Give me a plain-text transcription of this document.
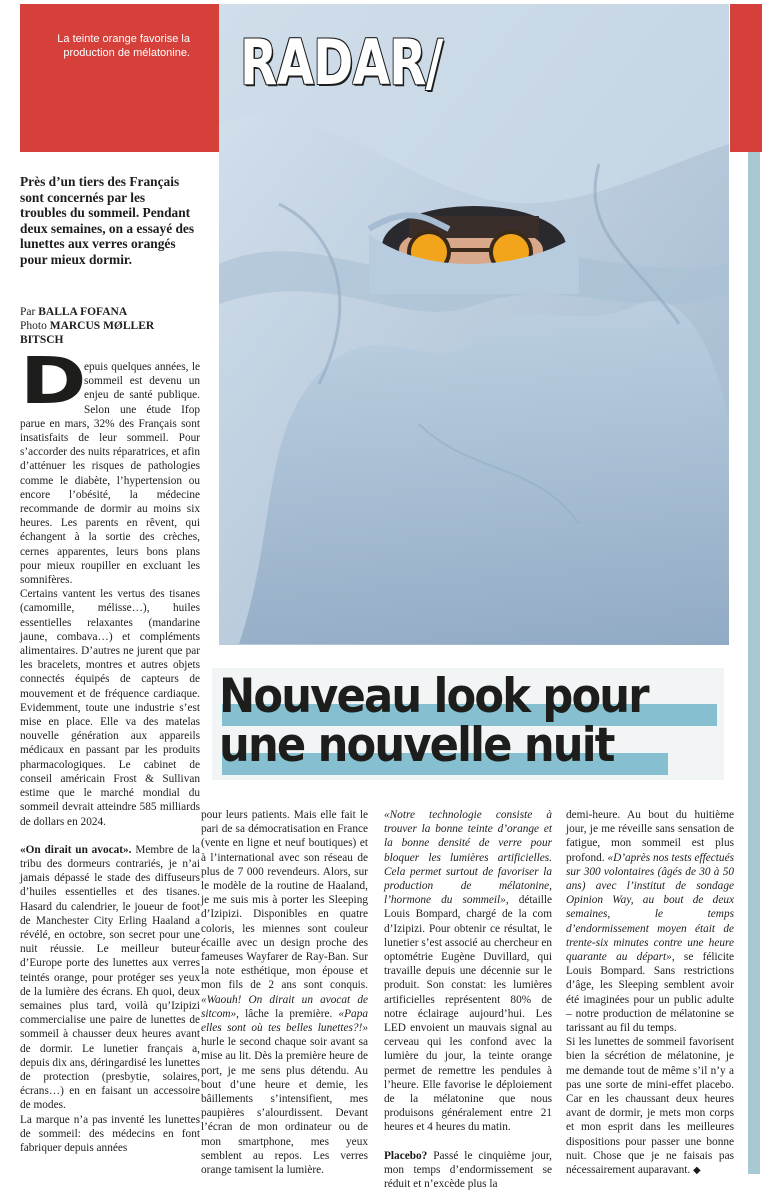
La teinte orange favorise la production de mélatonine. RADAR/
Près d’un tiers des Français sont concernés par les troubles du sommeil. Pendant deux semaines, on a essayé des lunettes aux verres orangés pour mieux dormir.
Par BALLA FOFANA
Photo MARCUS MØLLER BITSCH
Nouveau look pour
une nouvelle nuit

D
epuis quelques années, le sommeil est devenu un enjeu de santé publique. Selon une étude Ifop parue en mars, 32% des Français sont insatisfaits de leur sommeil. Pour s’accorder des nuits réparatrices, et afin d’atténuer les risques de pathologies comme le diabète, l’hypertension ou encore l’obésité, la médecine recommande de dormir au moins six heures. Les parents en rêvent, qui échangent à la sortie des crèches, cernes apparentes, leurs bons plans pour mieux roupiller en excluant les somnifères.

Certains vantent les vertus des tisanes (camomille, mélisse…), huiles essentielles relaxantes (mandarine jaune, combava…) et compléments alimentaires. D’autres ne jurent que par les bracelets, montres et autres objets connectés équipés de capteurs de mouvement et de fréquence cardiaque. Evidemment, toute une industrie s’est mise en place. Elle va des matelas nouvelle génération aux appareils médicaux en passant par les produits pharmacologiques. Le cabinet de conseil américain Frost & Sullivan estime que le marché mondial du sommeil devrait atteindre 585 milliards de dollars en 2024.

«On dirait un avocat». Membre de la tribu des dormeurs contrariés, je n’ai jamais dépassé le stade des diffuseurs d’huiles essentielles et des tisanes. Hasard du calendrier, le joueur de foot de Manchester City Erling Haaland a révélé, en octobre, son secret pour une nuit réussie. Le meilleur buteur d’Europe porte des lunettes aux verres teintés orange, pour protéger ses yeux de la lumière des écrans. Eh quoi, deux semaines plus tard, voilà qu’Izipizi commercialise une paire de lunettes de sommeil à chausser deux heures avant de dormir. Le lunetier français a, depuis dix ans, déringardisé les lunettes de protection (presbytie, solaires, écrans…) en en faisant un accessoire de modes.

La marque n’a pas inventé les lunettes de sommeil: des médecins en font fabriquer depuis années

pour leurs patients. Mais elle fait le pari de sa démocratisation en France (vente en ligne et neuf boutiques) et à l’international avec son réseau de plus de 7 000 revendeurs. Alors, sur le modèle de la routine de Haaland, je me suis mis à porter les Sleeping d’Izipizi. Disponibles en quatre coloris, les miennes sont couleur écaille avec un design proche des fameuses Wayfarer de Ray-Ban. Sur la note esthétique, mon épouse et mon fils de 2 ans sont conquis. «Waouh! On dirait un avocat de sitcom», lâche la première. «Papa elles sont où tes belles lunettes?!» hurle le second chaque soir avant sa mise au lit. Dès la première heure de port, je me sens plus détendu. Au bout d’une heure et demie, les bâillements s’intensifient, mes paupières s’alourdissent. Devant l’écran de mon ordinateur ou de mon smartphone, mes yeux semblent au repos. Les verres orange tamisent la lumière.

«Notre technologie consiste à trouver la bonne teinte d’orange et la bonne densité de verre pour bloquer les lumières artificielles. Cela permet surtout de favoriser la production de mélatonine, l’hormone du sommeil», détaille Louis Bompard, chargé de la com d’Izipizi. Pour obtenir ce résultat, le lunetier s’est associé au chercheur en optométrie Eugène Duvillard, qui travaille depuis une décennie sur le produit. Son constat: les lumières artificielles représentent 80% de notre éclairage aujourd’hui. Les LED envoient un mauvais signal au cerveau qui les confond avec la lumière du jour, la teinte orange permet de remettre les pendules à l’heure. Elle favorise le déploiement de la mélatonine que nous produisons généralement entre 21 heures et 4 heures du matin.

Placebo? Passé le cinquième jour, mon temps d’endormissement se réduit et n’excède plus la

demi-heure. Au bout du huitième jour, je me réveille sans sensation de fatigue, mon sommeil est plus profond. «D’après nos tests effectués sur 300 volontaires (âgés de 30 à 50 ans) avec l’institut de sondage Opinion Way, au bout de deux semaines, le temps d’endormissement moyen était de trente-six minutes contre une heure quarante au départ», se félicite Louis Bompard. Sans restrictions d’âge, les Sleeping semblent avoir été imaginées pour un public adulte – notre production de mélatonine se tarissant au fil du temps.

Si les lunettes de sommeil favorisent bien la sécrétion de mélatonine, je me demande tout de même s’il n’y a pas une sorte de mini-effet placebo. Car en les chaussant deux heures avant de dormir, je mets mon corps et mon esprit dans les meilleures dispositions pour passer une bonne nuit. Chose que je ne faisais pas nécessairement auparavant. ◆
